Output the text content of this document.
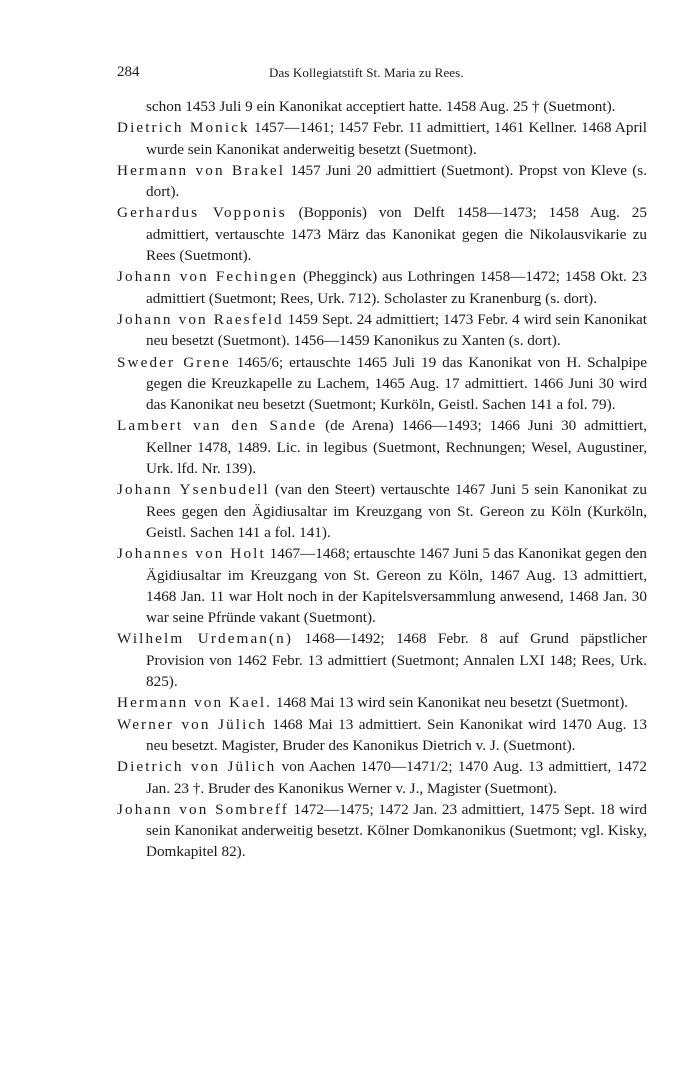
284	Das Kollegiatstift St. Maria zu Rees.

schon 1453 Juli 9 ein Kanonikat acceptiert hatte. 1458 Aug. 25 † (Suetmont).

Dietrich Monick 1457—1461; 1457 Febr. 11 admittiert, 1461 Kellner. 1468 April wurde sein Kanonikat anderweitig besetzt (Suetmont).

Hermann von Brakel 1457 Juni 20 admittiert (Suetmont). Propst von Kleve (s. dort).

Gerhardus Vopponis (Bopponis) von Delft 1458—1473; 1458 Aug. 25 admittiert, vertauschte 1473 März das Kanonikat gegen die Nikolausvikarie zu Rees (Suetmont).

Johann von Fechingen (Phegginck) aus Lothringen 1458—1472; 1458 Okt. 23 admittiert (Suetmont; Rees, Urk. 712). Scholaster zu Kranenburg (s. dort).

Johann von Raesfeld 1459 Sept. 24 admittiert; 1473 Febr. 4 wird sein Kanonikat neu besetzt (Suetmont). 1456—1459 Kanonikus zu Xanten (s. dort).

Sweder Grene 1465/6; ertauschte 1465 Juli 19 das Kanonikat von H. Schalpipe gegen die Kreuzkapelle zu Lachem, 1465 Aug. 17 admittiert. 1466 Juni 30 wird das Kanonikat neu besetzt (Suetmont; Kurköln, Geistl. Sachen 141 a fol. 79).

Lambert van den Sande (de Arena) 1466—1493; 1466 Juni 30 admittiert, Kellner 1478, 1489. Lic. in legibus (Suetmont, Rechnungen; Wesel, Augustiner, Urk. lfd. Nr. 139).

Johann Ysenbudell (van den Steert) vertauschte 1467 Juni 5 sein Kanonikat zu Rees gegen den Ägidiusaltar im Kreuzgang von St. Gereon zu Köln (Kurköln, Geistl. Sachen 141 a fol. 141).

Johannes von Holt 1467—1468; ertauschte 1467 Juni 5 das Kanonikat gegen den Ägidiusaltar im Kreuzgang von St. Gereon zu Köln, 1467 Aug. 13 admittiert, 1468 Jan. 11 war Holt noch in der Kapitelsversammlung anwesend, 1468 Jan. 30 war seine Pfründe vakant (Suetmont).

Wilhelm Urdeman(n) 1468—1492; 1468 Febr. 8 auf Grund päpstlicher Provision von 1462 Febr. 13 admittiert (Suetmont; Annalen LXI 148; Rees, Urk. 825).

Hermann von Kael. 1468 Mai 13 wird sein Kanonikat neu besetzt (Suetmont).

Werner von Jülich 1468 Mai 13 admittiert. Sein Kanonikat wird 1470 Aug. 13 neu besetzt. Magister, Bruder des Kanonikus Dietrich v. J. (Suetmont).

Dietrich von Jülich von Aachen 1470—1471/2; 1470 Aug. 13 admittiert, 1472 Jan. 23 †. Bruder des Kanonikus Werner v. J., Magister (Suetmont).

Johann von Sombreff 1472—1475; 1472 Jan. 23 admittiert, 1475 Sept. 18 wird sein Kanonikat anderweitig besetzt. Kölner Domkanonikus (Suetmont; vgl. Kisky, Domkapitel 82).
